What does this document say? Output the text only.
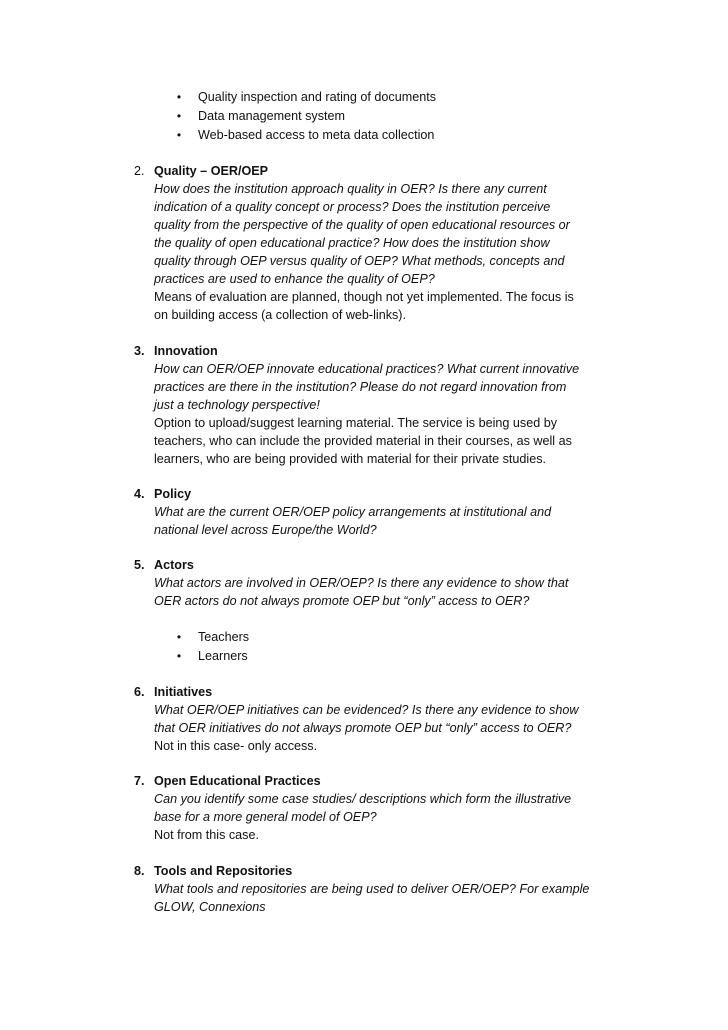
• Quality inspection and rating of documents
• Data management system
• Web-based access to meta data collection
2. Quality – OER/OEP
How does the institution approach quality in OER? Is there any current
indication of a quality concept or process? Does the institution perceive
quality from the perspective of the quality of open educational resources or
the quality of open educational practice? How does the institution show
quality through OEP versus quality of OEP? What methods, concepts and
practices are used to enhance the quality of OEP?
Means of evaluation are planned, though not yet implemented. The focus is
on building access (a collection of web-links).
3. Innovation
How can OER/OEP innovate educational practices? What current innovative
practices are there in the institution? Please do not regard innovation from
just a technology perspective!
Option to upload/suggest learning material. The service is being used by
teachers, who can include the provided material in their courses, as well as
learners, who are being provided with material for their private studies.
4. Policy
What are the current OER/OEP policy arrangements at institutional and
national level across Europe/the World?
5. Actors
What actors are involved in OER/OEP? Is there any evidence to show that
OER actors do not always promote OEP but “only” access to OER?
• Teachers
• Learners
6. Initiatives
What OER/OEP initiatives can be evidenced? Is there any evidence to show
that OER initiatives do not always promote OEP but “only” access to OER?
Not in this case- only access.
7. Open Educational Practices
Can you identify some case studies/ descriptions which form the illustrative
base for a more general model of OEP?
Not from this case.
8. Tools and Repositories
What tools and repositories are being used to deliver OER/OEP? For example
GLOW, Connexions
